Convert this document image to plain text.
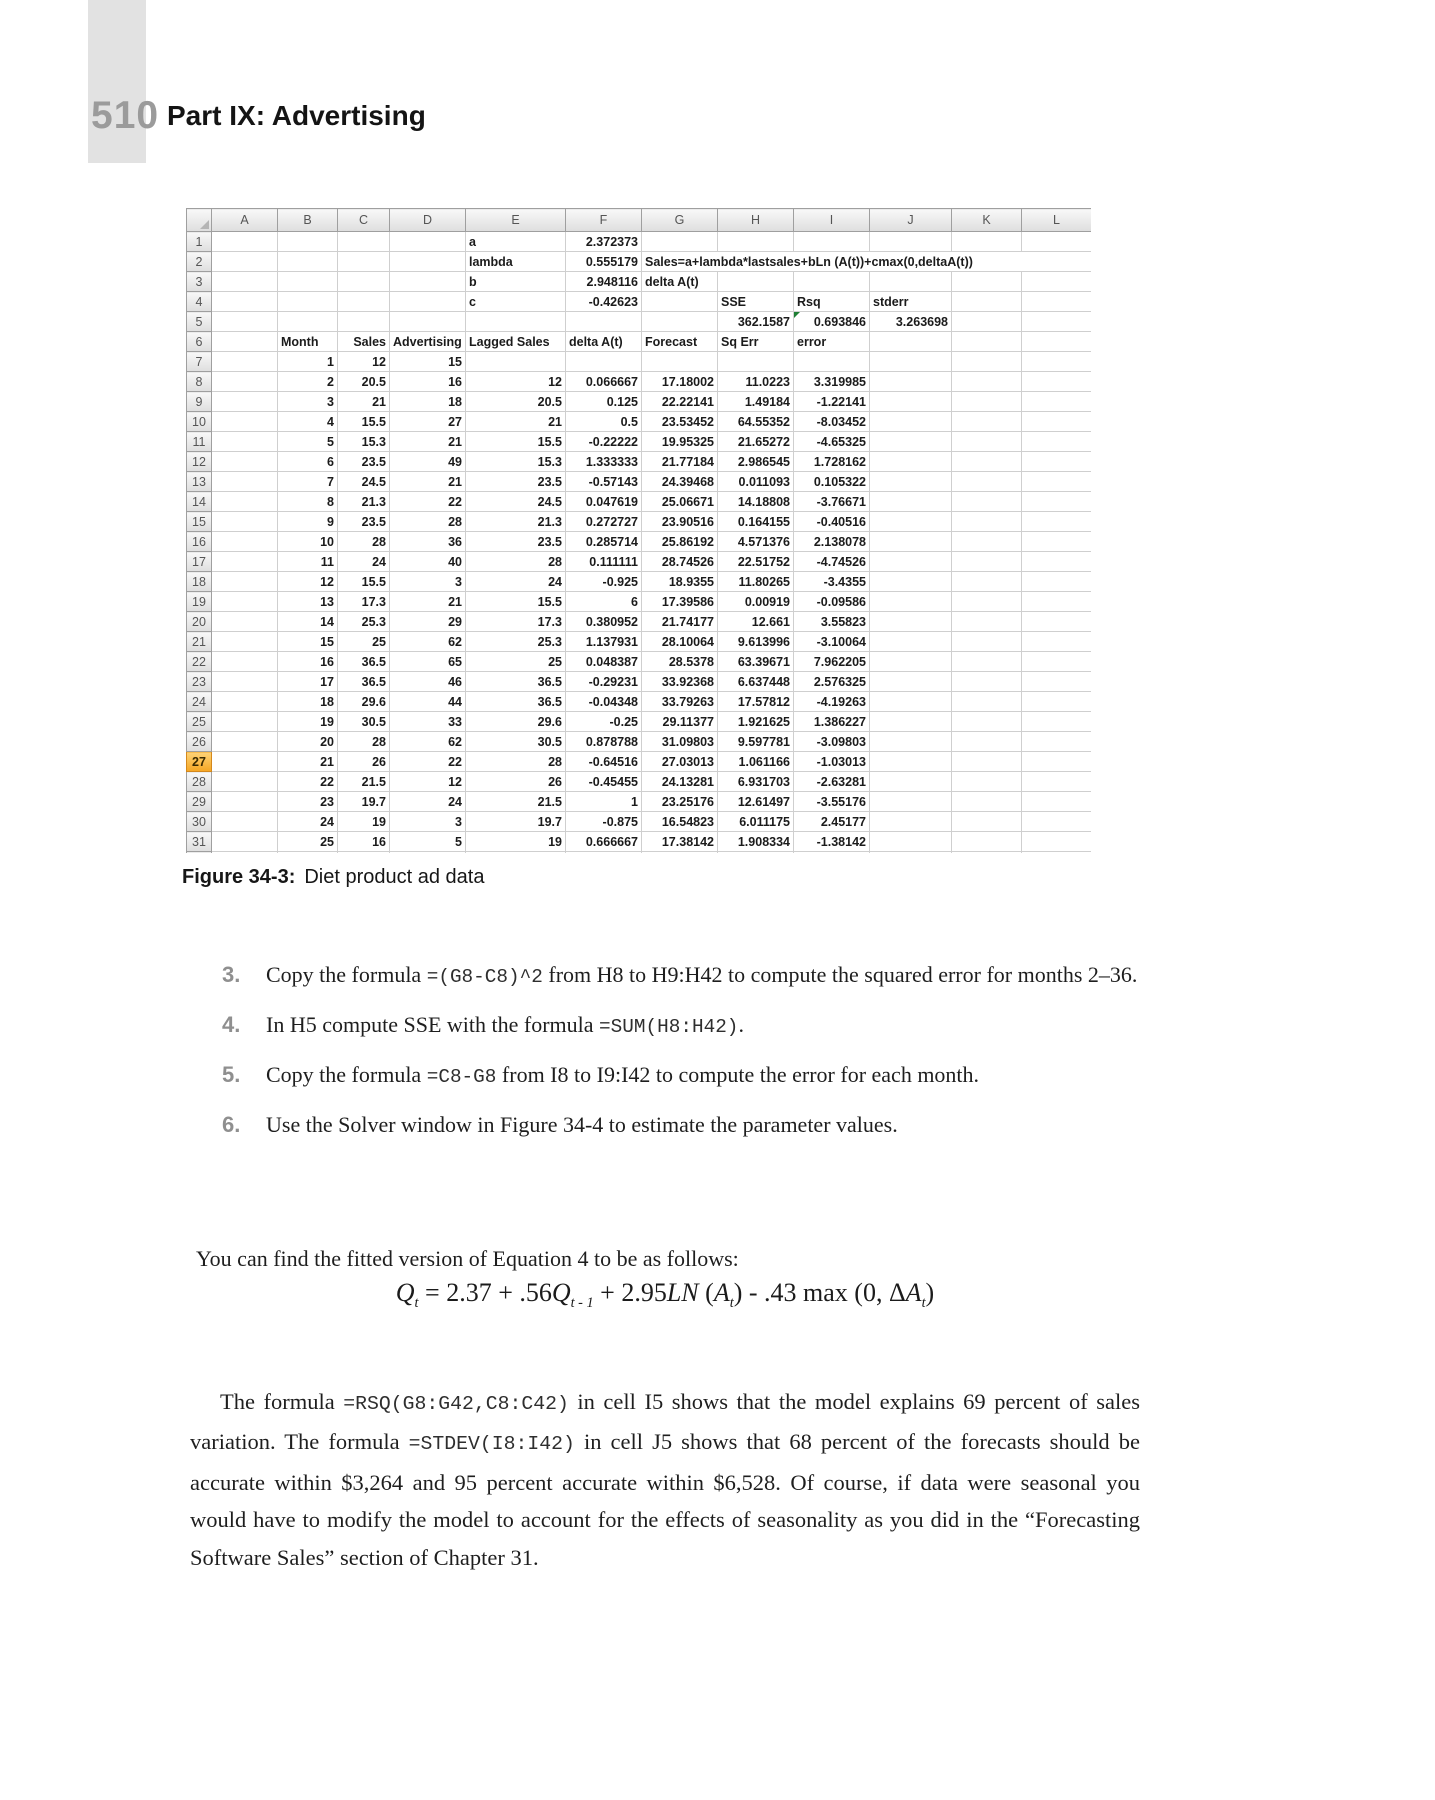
510 Part IX: Advertising
	A	B	C	D	E	F	G	H	I	J	K	L
1					a	2.372373						
2					lambda	0.555179	Sales=a+lambda*lastsales+bLn (A(t))+cmax(0,deltaA(t))					
3					b	2.948116	delta A(t)					
4					c	-0.42623		SSE	Rsq	stderr		
5								362.1587	0.693846	3.263698		
6		Month	Sales	Advertising	Lagged Sales	delta A(t)	Forecast	Sq Err	error			
7		1	12	15								
8		2	20.5	16	12	0.066667	17.18002	11.0223	3.319985			
9		3	21	18	20.5	0.125	22.22141	1.49184	-1.22141			
10		4	15.5	27	21	0.5	23.53452	64.55352	-8.03452			
11		5	15.3	21	15.5	-0.22222	19.95325	21.65272	-4.65325			
12		6	23.5	49	15.3	1.333333	21.77184	2.986545	1.728162			
13		7	24.5	21	23.5	-0.57143	24.39468	0.011093	0.105322			
14		8	21.3	22	24.5	0.047619	25.06671	14.18808	-3.76671			
15		9	23.5	28	21.3	0.272727	23.90516	0.164155	-0.40516			
16		10	28	36	23.5	0.285714	25.86192	4.571376	2.138078			
17		11	24	40	28	0.111111	28.74526	22.51752	-4.74526			
18		12	15.5	3	24	-0.925	18.9355	11.80265	-3.4355			
19		13	17.3	21	15.5	6	17.39586	0.00919	-0.09586			
20		14	25.3	29	17.3	0.380952	21.74177	12.661	3.55823			
21		15	25	62	25.3	1.137931	28.10064	9.613996	-3.10064			
22		16	36.5	65	25	0.048387	28.5378	63.39671	7.962205			
23		17	36.5	46	36.5	-0.29231	33.92368	6.637448	2.576325			
24		18	29.6	44	36.5	-0.04348	33.79263	17.57812	-4.19263			
25		19	30.5	33	29.6	-0.25	29.11377	1.921625	1.386227			
26		20	28	62	30.5	0.878788	31.09803	9.597781	-3.09803			
27		21	26	22	28	-0.64516	27.03013	1.061166	-1.03013			
28		22	21.5	12	26	-0.45455	24.13281	6.931703	-2.63281			
29		23	19.7	24	21.5	1	23.25176	12.61497	-3.55176			
30		24	19	3	19.7	-0.875	16.54823	6.011175	2.45177			
31		25	16	5	19	0.666667	17.38142	1.908334	-1.38142			

Figure 34-3: Diet product ad data
3. Copy the formula =(G8-C8)^2 from H8 to H9:H42 to compute the squared error for months 2–36.
4. In H5 compute SSE with the formula =SUM(H8:H42).
5. Copy the formula =C8-G8 from I8 to I9:I42 to compute the error for each month.
6. Use the Solver window in Figure 34-4 to estimate the parameter values.

You can find the fitted version of Equation 4 to be as follows:

$Q_t = 2.37 + .56Q_{t - 1} + 2.95LN$ $(A_t) - .43$ max (0, $\Delta A_t$)

The formula =RSQ(G8:G42,C8:C42) in cell I5 shows that the model explains 69 percent of sales variation. The formula =STDEV(I8:I42) in cell J5 shows that 68 percent of the forecasts should be accurate within $3,264 and 95 percent accurate within $6,528. Of course, if data were seasonal you would have to modify the model to account for the effects of seasonality as you did in the “Forecasting Software Sales” section of Chapter 31.
